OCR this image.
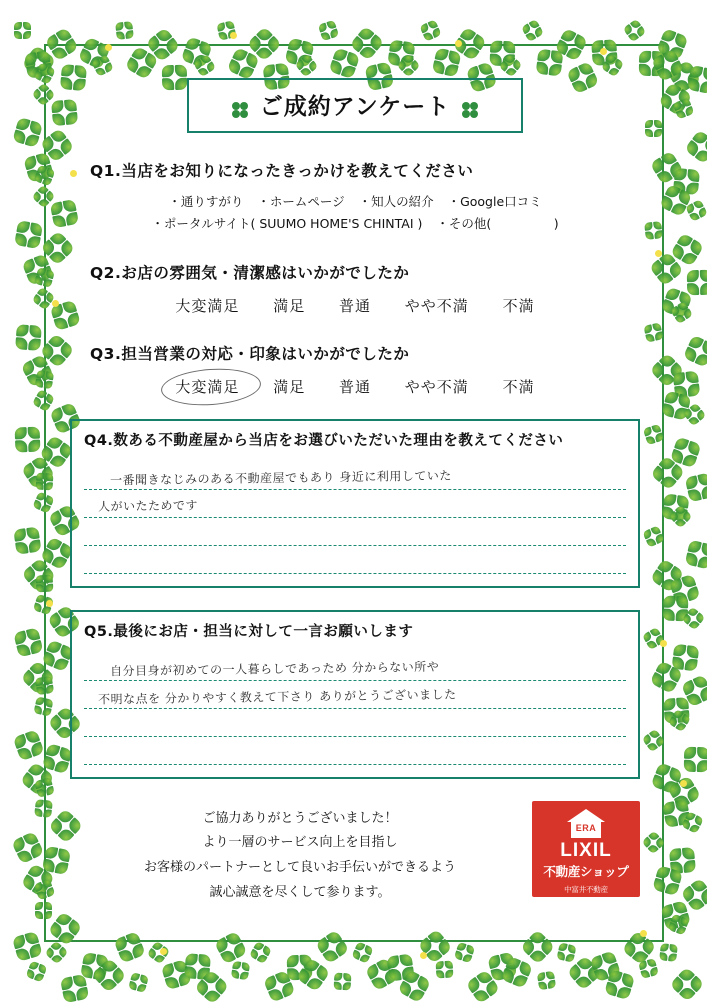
ご成約アンケート
Q1.当店をお知りになったきっかけを教えてください
・通りすがり ・ホームページ ・知人の紹介 ・Google口コミ
・ポータルサイト( SUUMO HOME'S CHINTAI ) ・その他(　　　　　)
Q2.お店の雰囲気・清潔感はいかがでしたか
大変満足 満足 普通 やや不満 不満
Q3.担当営業の対応・印象はいかがでしたか
大変満足 満足 普通 やや不満 不満
Q4.数ある不動産屋から当店をお選びいただいた理由を教えてください
一番聞きなじみのある不動産屋でもあり 身近に利用していた
人がいたためです
Q5.最後にお店・担当に対して一言お願いします
自分目身が初めての一人暮らしであっため 分からない所や
不明な点を 分かりやすく教えて下さり ありがとうございました
ご協力ありがとうございました！
より一層のサービス向上を目指し
お客様のパートナーとして良いお手伝いができるよう
誠心誠意を尽くして参ります。
ERA
LIXIL
不動産ショップ
中富井不動産
